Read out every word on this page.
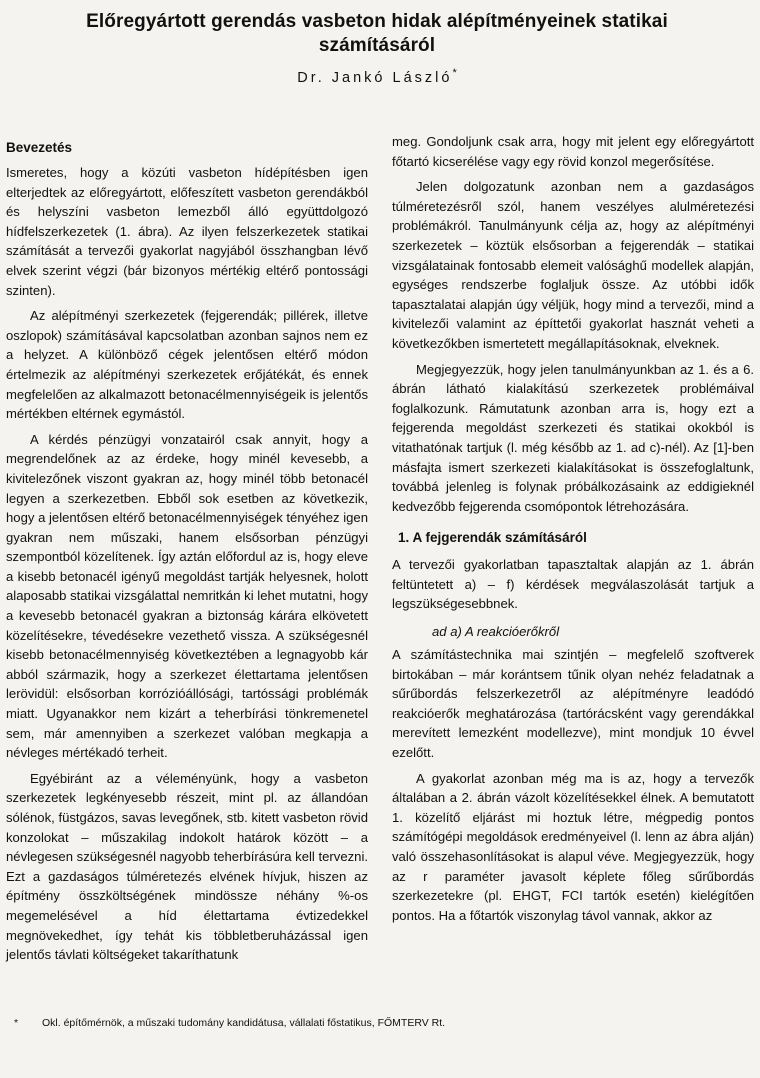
Előregyártott gerendás vasbeton hidak alépítményeinek statikai számításáról
Dr. Jankó László*
Bevezetés

Ismeretes, hogy a közúti vasbeton hídépítésben igen elterjedtek az előregyártott, előfeszített vasbeton gerendákból és helyszíni vasbeton lemezből álló együttdolgozó hídfelszerkezetek (1. ábra). Az ilyen felszerkezetek statikai számítását a tervezői gyakorlat nagyjából összhangban lévő elvek szerint végzi (bár bizonyos mértékig eltérő pontossági szinten).

Az alépítményi szerkezetek (fejgerendák; pillérek, illetve oszlopok) számításával kapcsolatban azonban sajnos nem ez a helyzet. A különböző cégek jelentősen eltérő módon értelmezik az alépítményi szerkezetek erőjátékát, és ennek megfelelően az alkalmazott betonacélmennyiségeik is jelentős mértékben eltérnek egymástól.

A kérdés pénzügyi vonzatairól csak annyit, hogy a megrendelőnek az az érdeke, hogy minél kevesebb, a kivitelezőnek viszont gyakran az, hogy minél több betonacél legyen a szerkezetben. Ebből sok esetben az következik, hogy a jelentősen eltérő betonacélmennyiségek tényéhez igen gyakran nem műszaki, hanem elsősorban pénzügyi szempontból közelítenek. Így aztán előfordul az is, hogy eleve a kisebb betonacél igényű megoldást tartják helyesnek, holott alaposabb statikai vizsgálattal nemritkán ki lehet mutatni, hogy a kevesebb betonacél gyakran a biztonság kárára elkövetett közelítésekre, tévedésekre vezethető vissza. A szükségesnél kisebb betonacélmennyiség következtében a legnagyobb kár abból származik, hogy a szerkezet élettartama jelentősen lerövidül: elsősorban korrózióállósági, tartóssági problémák miatt. Ugyanakkor nem kizárt a teherbírási tönkremenetel sem, már amennyiben a szerkezet valóban megkapja a névleges mértékadó terheit.

Egyébiránt az a véleményünk, hogy a vasbeton szerkezetek legkényesebb részeit, mint pl. az állandóan sólénok, füstgázos, savas levegőnek, stb. kitett vasbeton rövid konzolokat – műszakilag indokolt határok között – a névlegesen szükségesnél nagyobb teherbírásúra kell tervezni. Ezt a gazdaságos túlméretezés elvének hívjuk, hiszen az építmény összköltségének mindössze néhány %-os megemelésével a híd élettartama évtizedekkel megnövekedhet, így tehát kis többletberuházással igen jelentős távlati költségeket takaríthatunk

meg. Gondoljunk csak arra, hogy mit jelent egy előregyártott főtartó kicserélése vagy egy rövid konzol megerősítése.

Jelen dolgozatunk azonban nem a gazdaságos túlméretezésről szól, hanem veszélyes alulméretezési problémákról. Tanulmányunk célja az, hogy az alépítményi szerkezetek – köztük elsősorban a fejgerendák – statikai vizsgálatainak fontosabb elemeit valósághű modellek alapján, egységes rendszerbe foglaljuk össze. Az utóbbi idők tapasztalatai alapján úgy véljük, hogy mind a tervezői, mind a kivitelezői valamint az építtetői gyakorlat hasznát veheti a következőkben ismertetett megállapításoknak, elveknek.

Megjegyezzük, hogy jelen tanulmányunkban az 1. és a 6. ábrán látható kialakítású szerkezetek problémáival foglalkozunk. Rámutatunk azonban arra is, hogy ezt a fejgerenda megoldást szerkezeti és statikai okokból is vitathatónak tartjuk (l. még később az 1. ad c)-nél). Az [1]-ben másfajta ismert szerkezeti kialakításokat is összefoglaltunk, továbbá jelenleg is folynak próbálkozásaink az eddigieknél kedvezőbb fejgerenda csomópontok létrehozására.

1. A fejgerendák számításáról

A tervezői gyakorlatban tapasztaltak alapján az 1. ábrán feltüntetett a) – f) kérdések megválaszolását tartjuk a legszükségesebbnek.

ad a) A reakcióerőkről

A számítástechnika mai szintjén – megfelelő szoftverek birtokában – már korántsem tűnik olyan nehéz feladatnak a sűrűbordás felszerkezetről az alépítményre leadódó reakcióerők meghatározása (tartórácsként vagy gerendákkal merevített lemezként modellezve), mint mondjuk 10 évvel ezelőtt.

A gyakorlat azonban még ma is az, hogy a tervezők általában a 2. ábrán vázolt közelítésekkel élnek. A bemutatott 1. közelítő eljárást mi hoztuk létre, mégpedig pontos számítógépi megoldások eredményeivel (l. lenn az ábra alján) való összehasonlításokat is alapul véve. Megjegyezzük, hogy az r paraméter javasolt képlete főleg sűrűbordás szerkezetekre (pl. EHGT, FCI tartók esetén) kielégítően pontos. Ha a főtartók viszonylag távol vannak, akkor az

* Okl. építőmérnök, a műszaki tudomány kandidátusa, vállalati főstatikus, FŐMTERV Rt.
